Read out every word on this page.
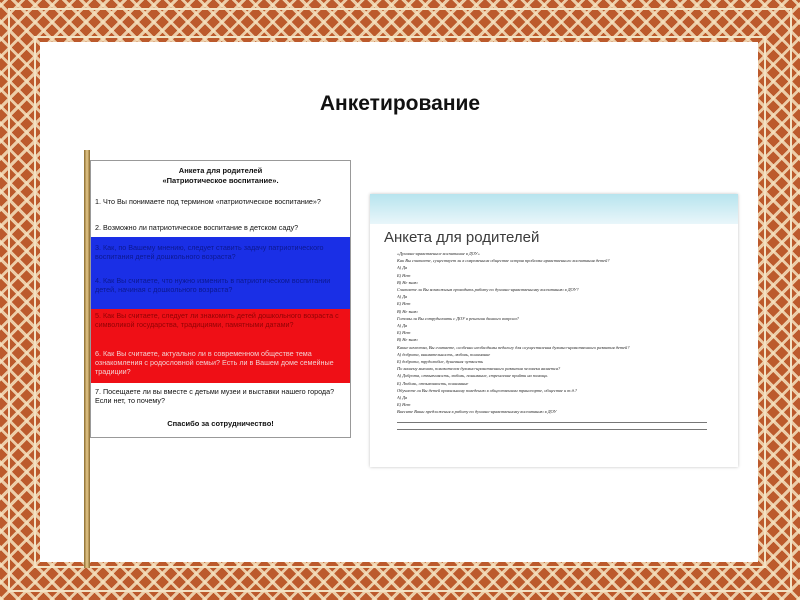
Анкетирование
Анкета для родителей
«Патриотическое воспитание».
1. Что Вы понимаете под термином «патриотическое воспитание»?
2. Возможно ли патриотическое воспитание в детском саду?
3. Как, по Вашему мнению, следует ставить задачу патриотического воспитания детей дошкольного возраста?
4. Как Вы считаете, что нужно изменить в патриотическом воспитании детей, начиная с дошкольного возраста?
5. Как Вы считаете, следует ли знакомить детей дошкольного возраста с символикой государства, традициями, памятными датами?
6. Как Вы считаете, актуально ли в современном обществе тема ознакомления с родословной семьи? Есть ли в Вашем доме семейные традиции?
7. Посещаете ли вы вместе с детьми музеи и выставки нашего города? Если нет, то почему?
Спасибо за сотрудничество!
Анкета для родителей
«Духовно-нравственное воспитание в ДОУ»
Как Вы считаете, существует ли в современном обществе острая проблема нравственного воспитания детей?
А) Да
Б) Нет
В) Не знаю
Считаете ли Вы возможным проводить работу по духовно-нравственному воспитанию в ДОУ?
А) Да
Б) Нет
В) Не знаю
Готовы ли Вы сотрудничать с ДОУ в решении данного вопроса?
А) Да
Б) Нет
В) Не знаю
Какие качества, Вы считаете, особенно необходимы педагогу для осуществления духовно-нравственного развития детей?
А) доброта, внимательность, любовь, понимание
Б) доброта, трудолюбие, душевная чуткость
По вашему мнению, показателем духовно-нравственного развития человека является?
А) Доброта, отзывчивость, любовь, понимание, стремление прийти на помощь
Б) Любовь, отзывчивость, понимание
Обучаете ли Вы детей правильному поведению в общественном транспорте, обществе и т.д.?
А) Да
Б) Нет
Внесите Ваши предложения в работу по духовно-нравственному воспитанию в ДОУ
